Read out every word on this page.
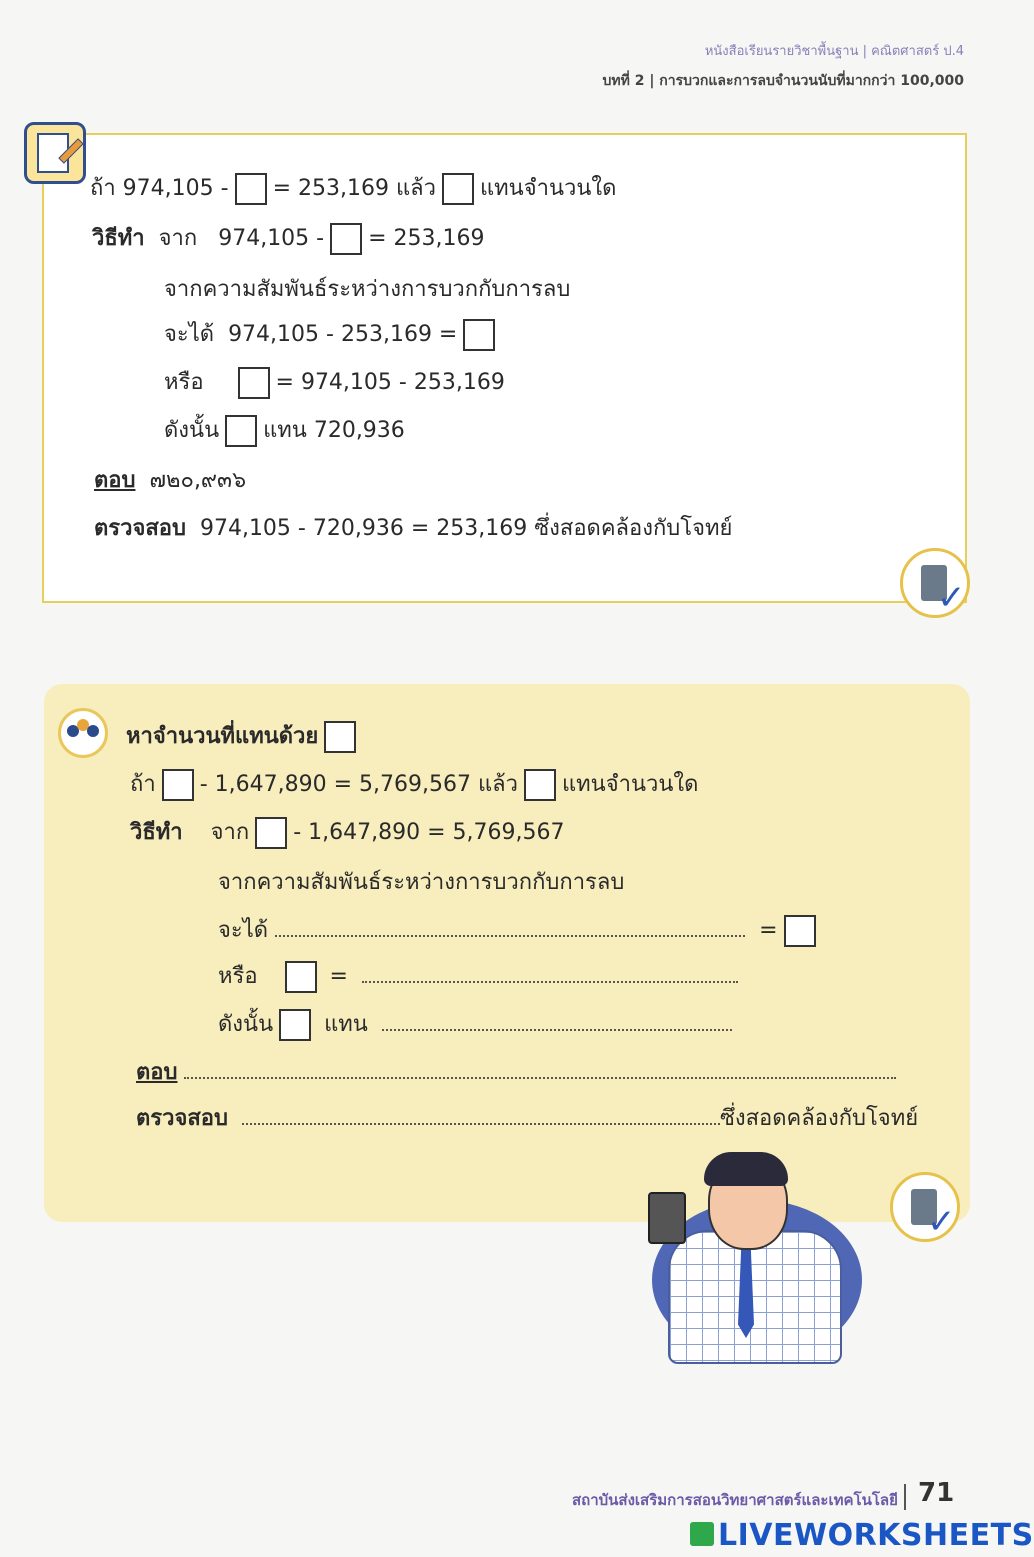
หนังสือเรียนรายวิชาพื้นฐาน | คณิตศาสตร์ ป.4
บทที่ 2 | การบวกและการลบจำนวนนับที่มากกว่า 100,000
ถ้า 974,105 - = 253,169 แล้ว แทนจำนวนใด
วิธีทำ จาก 974,105 - = 253,169
จากความสัมพันธ์ระหว่างการบวกกับการลบ
จะได้ 974,105 - 253,169 =
หรือ	= 974,105 - 253,169
ดังนั้น แทน 720,936
ตอบ ๗๒๐,๙๓๖
ตรวจสอบ 974,105 - 720,936 = 253,169 ซึ่งสอดคล้องกับโจทย์
✓
หาจำนวนที่แทนด้วย
ถ้า - 1,647,890 = 5,769,567 แล้ว แทนจำนวนใด
วิธีทำ จาก - 1,647,890 = 5,769,567
จากความสัมพันธ์ระหว่างการบวกกับการลบ
จะได้	=
หรือ	=
ดังนั้น แทน
ตอบ
ตรวจสอบ	ซึ่งสอดคล้องกับโจทย์
✓
สถาบันส่งเสริมการสอนวิทยาศาสตร์และเทคโนโลยี 71
LIVEWORKSHEETS
